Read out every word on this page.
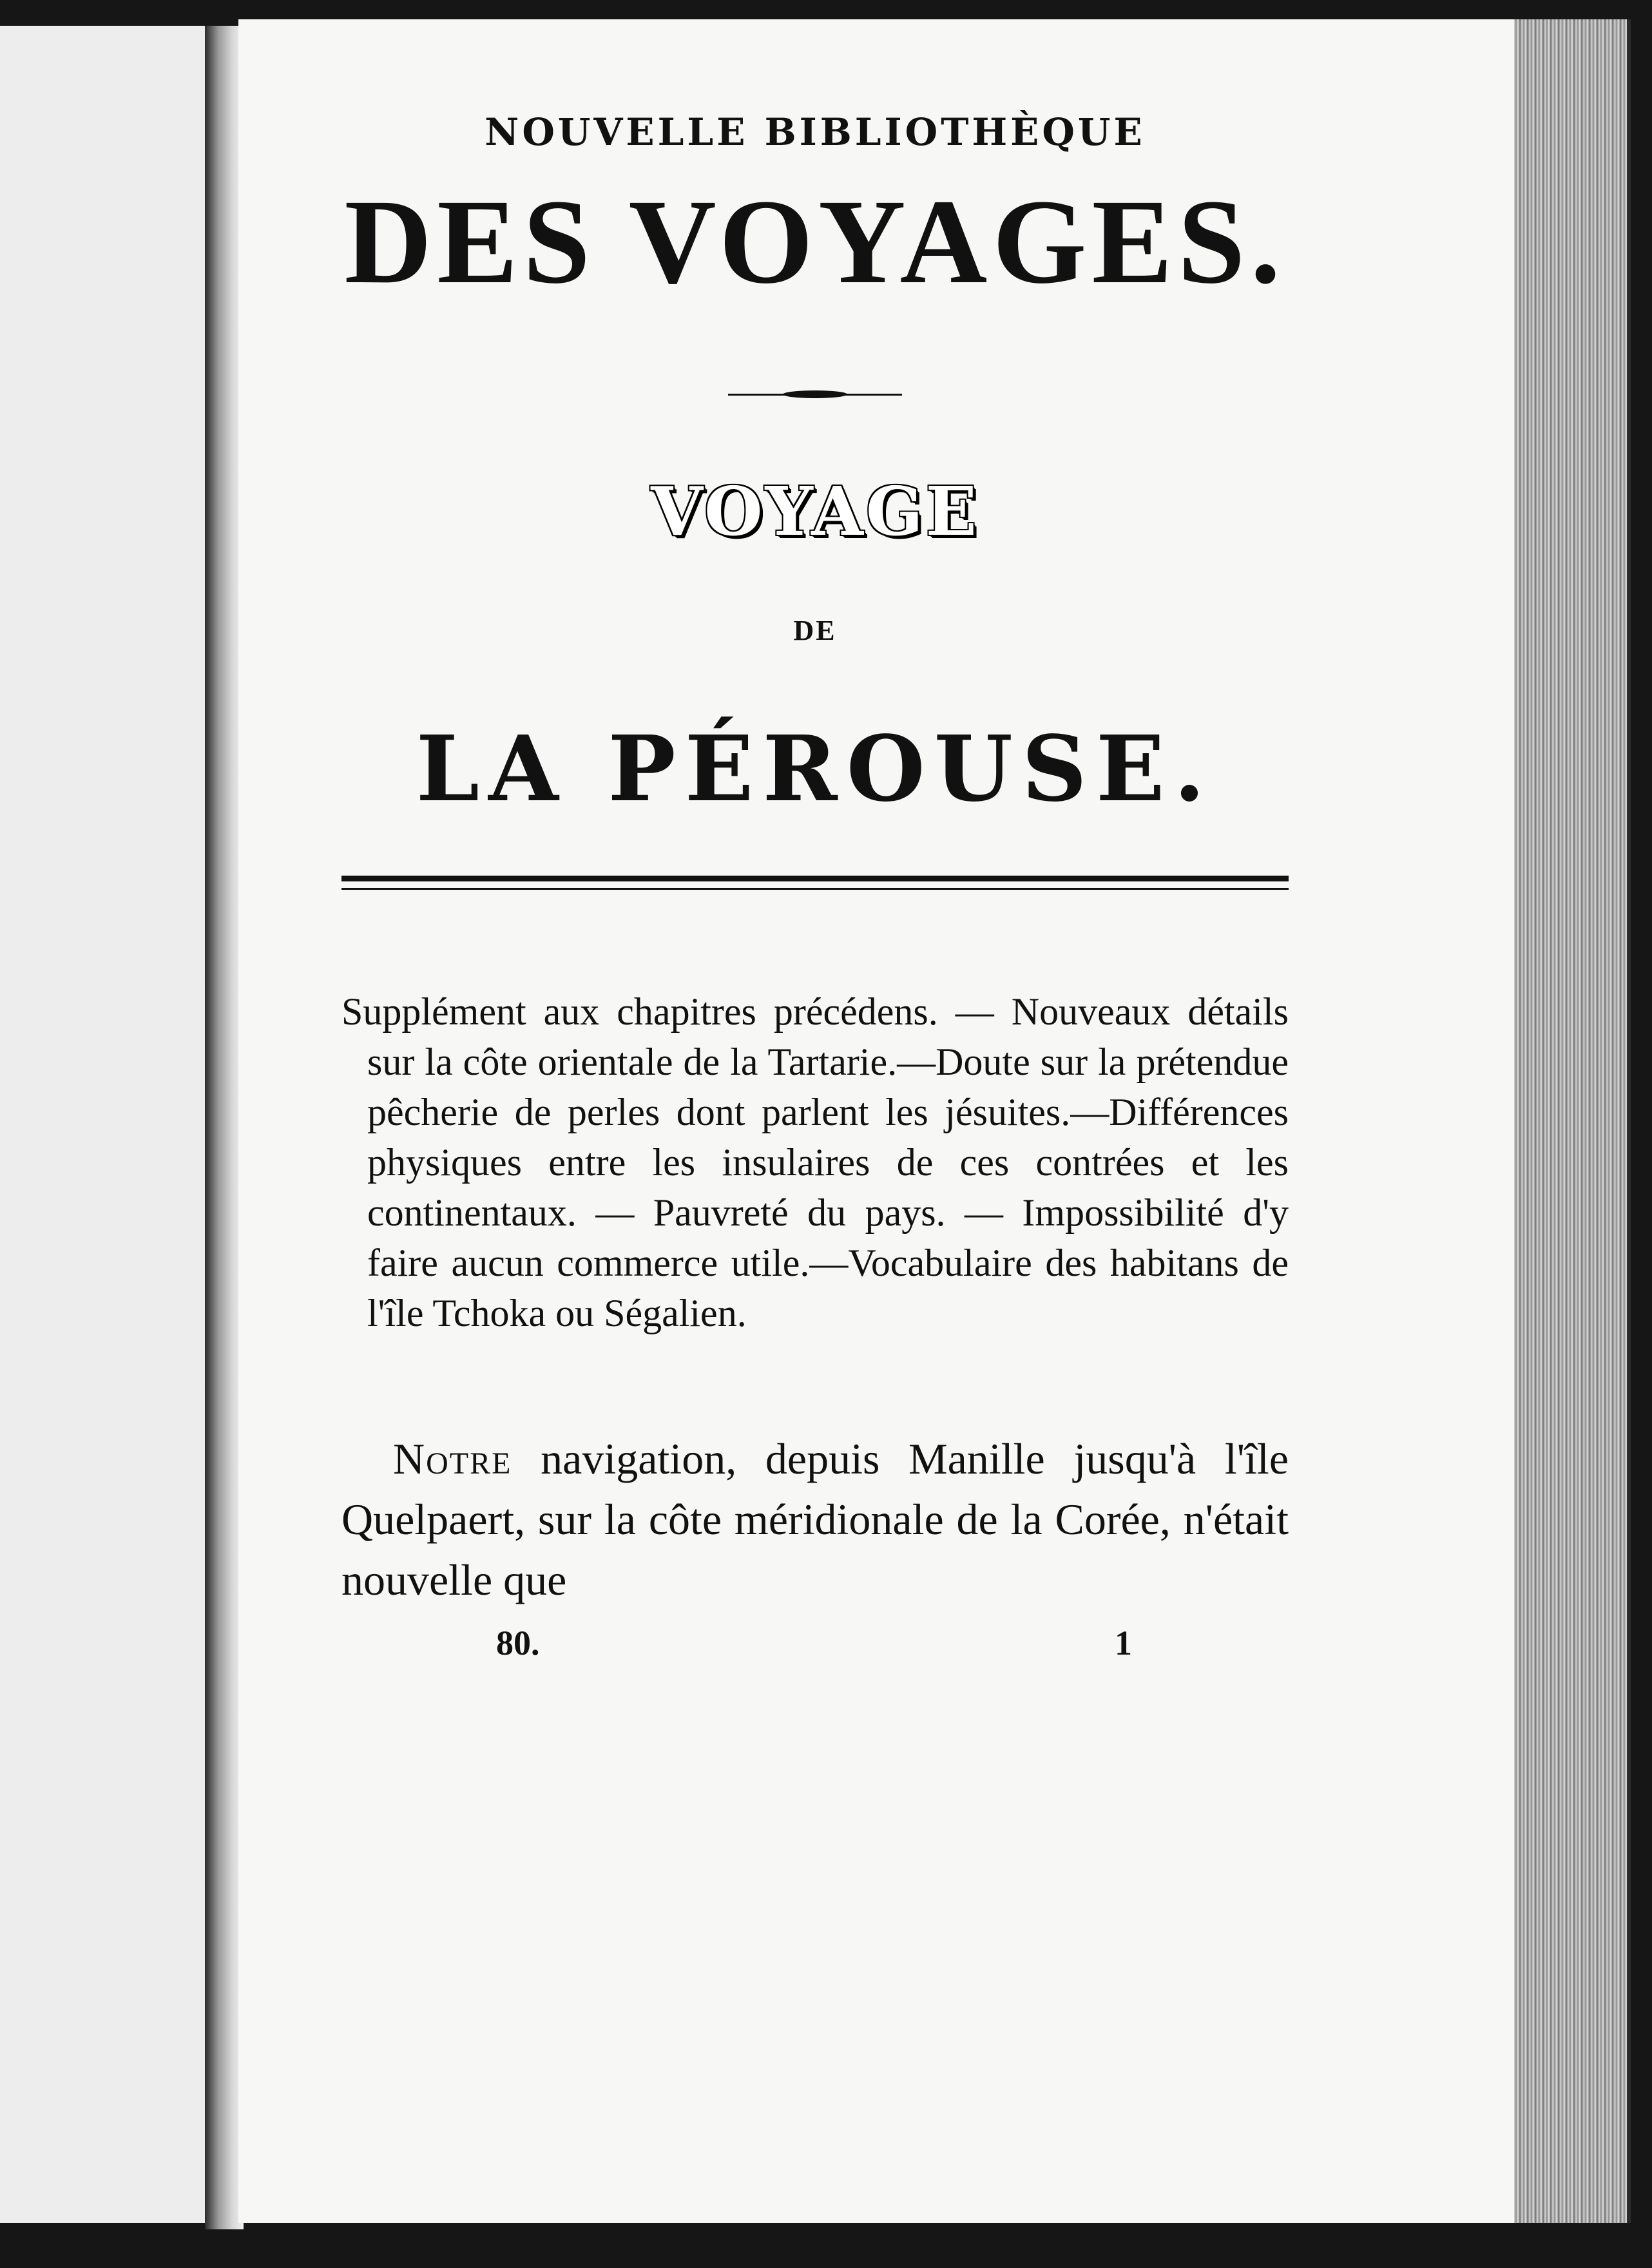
NOUVELLE BIBLIOTHÈQUE

DES VOYAGES.

VOYAGE

DE

LA PÉROUSE.

Supplément aux chapitres précédens. — Nouveaux détails sur la côte orientale de la Tartarie.—Doute sur la prétendue pêcherie de perles dont parlent les jésuites.—Différences physiques entre les insulaires de ces contrées et les continentaux. — Pauvreté du pays. — Impossibilité d'y faire aucun commerce utile.—Vocabulaire des habitans de l'île Tchoka ou Ségalien.

Notre navigation, depuis Manille jusqu'à l'île Quelpaert, sur la côte méridionale de la Corée, n'était nouvelle que

80.	1
